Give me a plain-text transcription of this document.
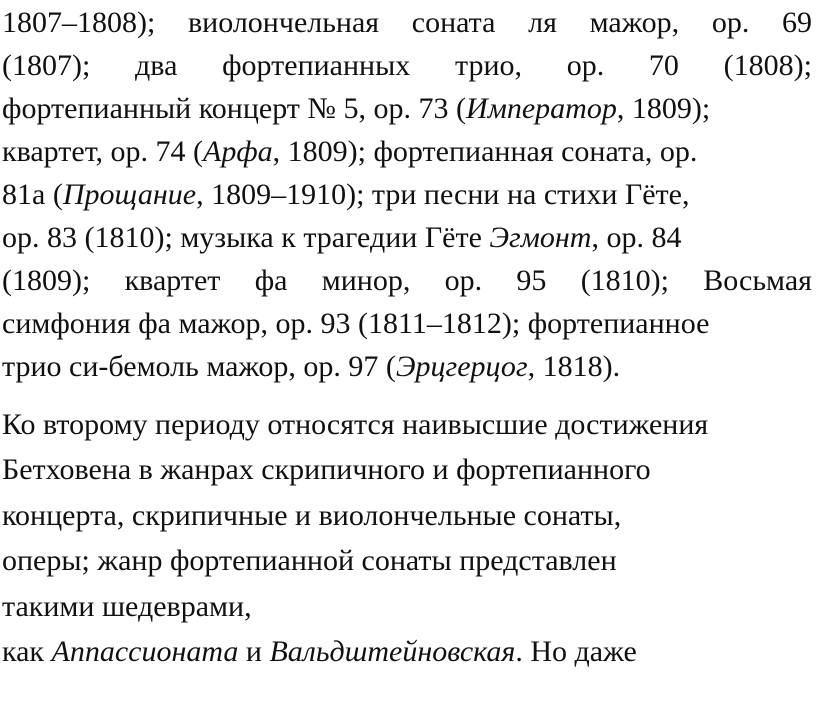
1807–1808); виолончельная соната ля мажор, ор. 69
(1807); два фортепианных трио, ор. 70 (1808);
фортепианный концерт № 5, ор. 73 (Император, 1809);
квартет, ор. 74 (Арфа, 1809); фортепианная соната, ор.
81a (Прощание, 1809–1910); три песни на стихи Гёте,
ор. 83 (1810); музыка к трагедии Гёте Эгмонт, ор. 84
(1809); квартет фа минор, ор. 95 (1810); Восьмая
симфония фа мажор, ор. 93 (1811–1812); фортепианное
трио си-бемоль мажор, ор. 97 (Эрцгерцог, 1818).
Ко второму периоду относятся наивысшие достижения
Бетховена в жанрах скрипичного и фортепианного
концерта, скрипичные и виолончельные сонаты,
оперы; жанр фортепианной сонаты представлен
такими шедеврами,
как Аппассионата и Вальдштейновская. Но даже
